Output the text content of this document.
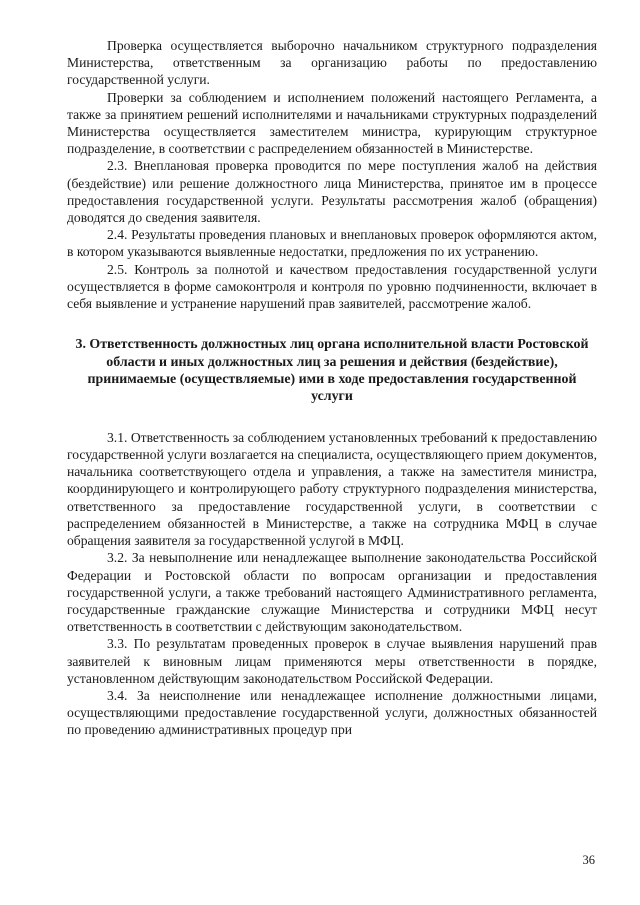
Проверка осуществляется выборочно начальником структурного подразделения Министерства, ответственным за организацию работы по предоставлению государственной услуги.

Проверки за соблюдением и исполнением положений настоящего Регламента, а также за принятием решений исполнителями и начальниками структурных подразделений Министерства осуществляется заместителем министра, курирующим структурное подразделение, в соответствии с распределением обязанностей в Министерстве.

2.3. Внеплановая проверка проводится по мере поступления жалоб на действия (бездействие) или решение должностного лица Министерства, принятое им в процессе предоставления государственной услуги. Результаты рассмотрения жалоб (обращения) доводятся до сведения заявителя.

2.4. Результаты проведения плановых и внеплановых проверок оформляются актом, в котором указываются выявленные недостатки, предложения по их устранению.

2.5. Контроль за полнотой и качеством предоставления государственной услуги осуществляется в форме самоконтроля и контроля по уровню подчиненности, включает в себя выявление и устранение нарушений прав заявителей, рассмотрение жалоб.

3. Ответственность должностных лиц органа исполнительной власти Ростовской области и иных должностных лиц за решения и действия (бездействие), принимаемые (осуществляемые) ими в ходе предоставления государственной услуги

3.1. Ответственность за соблюдением установленных требований к предоставлению государственной услуги возлагается на специалиста, осуществляющего прием документов, начальника соответствующего отдела и управления, а также на заместителя министра, координирующего и контролирующего работу структурного подразделения министерства, ответственного за предоставление государственной услуги, в соответствии с распределением обязанностей в Министерстве, а также на сотрудника МФЦ в случае обращения заявителя за государственной услугой в МФЦ.

3.2. За невыполнение или ненадлежащее выполнение законодательства Российской Федерации и Ростовской области по вопросам организации и предоставления государственной услуги, а также требований настоящего Административного регламента, государственные гражданские служащие Министерства и сотрудники МФЦ несут ответственность в соответствии с действующим законодательством.

3.3. По результатам проведенных проверок в случае выявления нарушений прав заявителей к виновным лицам применяются меры ответственности в порядке, установленном действующим законодательством Российской Федерации.

3.4. За неисполнение или ненадлежащее исполнение должностными лицами, осуществляющими предоставление государственной услуги, должностных обязанностей по проведению административных процедур при

36
